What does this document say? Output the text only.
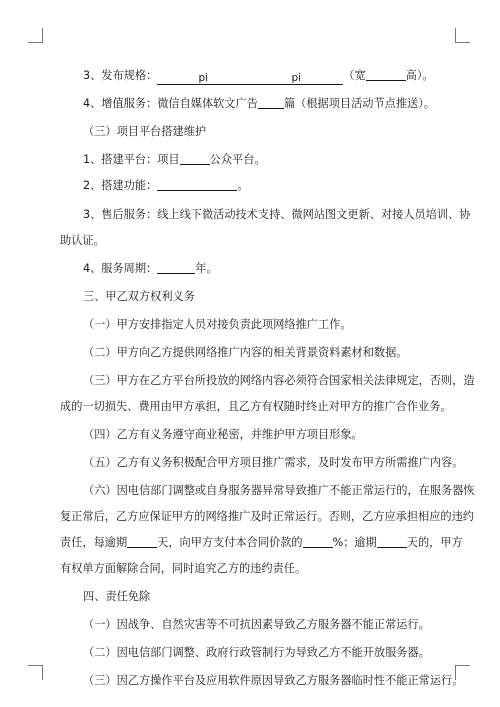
3、发布规格：	pi	pi	（宽	高）。
4、增值服务：微信自媒体软文广告 篇（根据项目活动节点推送）。
（三）项目平台搭建维护
1、搭建平台：项目	公众平台。
2、搭建功能：	。
3、售后服务：线上线下微活动技术支持、微网站图文更新、对接人员培训、协
助认证。
4、服务周期：	年。
三、甲乙双方权利义务
（一）甲方安排指定人员对接负责此项网络推广工作。
（二）甲方向乙方提供网络推广内容的相关背景资料素材和数据。
（三）甲方在乙方平台所投放的网络内容必须符合国家相关法律规定，否则，造
成的一切损失、费用由甲方承担，且乙方有权随时终止对甲方的推广合作业务。
（四）乙方有义务遵守商业秘密，并维护甲方项目形象。
（五）乙方有义务积极配合甲方项目推广需求，及时发布甲方所需推广内容。
（六）因电信部门调整或自身服务器异常导致推广不能正常运行的，在服务器恢
复正常后，乙方应保证甲方的网络推广及时正常运行。否则，乙方应承担相应的违约
责任，每逾期	天，向甲方支付本合同价款的	%；逾期	天的，甲方
有权单方面解除合同，同时追究乙方的违约责任。
四、责任免除
（一）因战争、自然灾害等不可抗因素导致乙方服务器不能正常运行。
（二）因电信部门调整、政府行政管制行为导致乙方不能开放服务器。
（三）因乙方操作平台及应用软件原因导致乙方服务器临时性不能正常运行。
